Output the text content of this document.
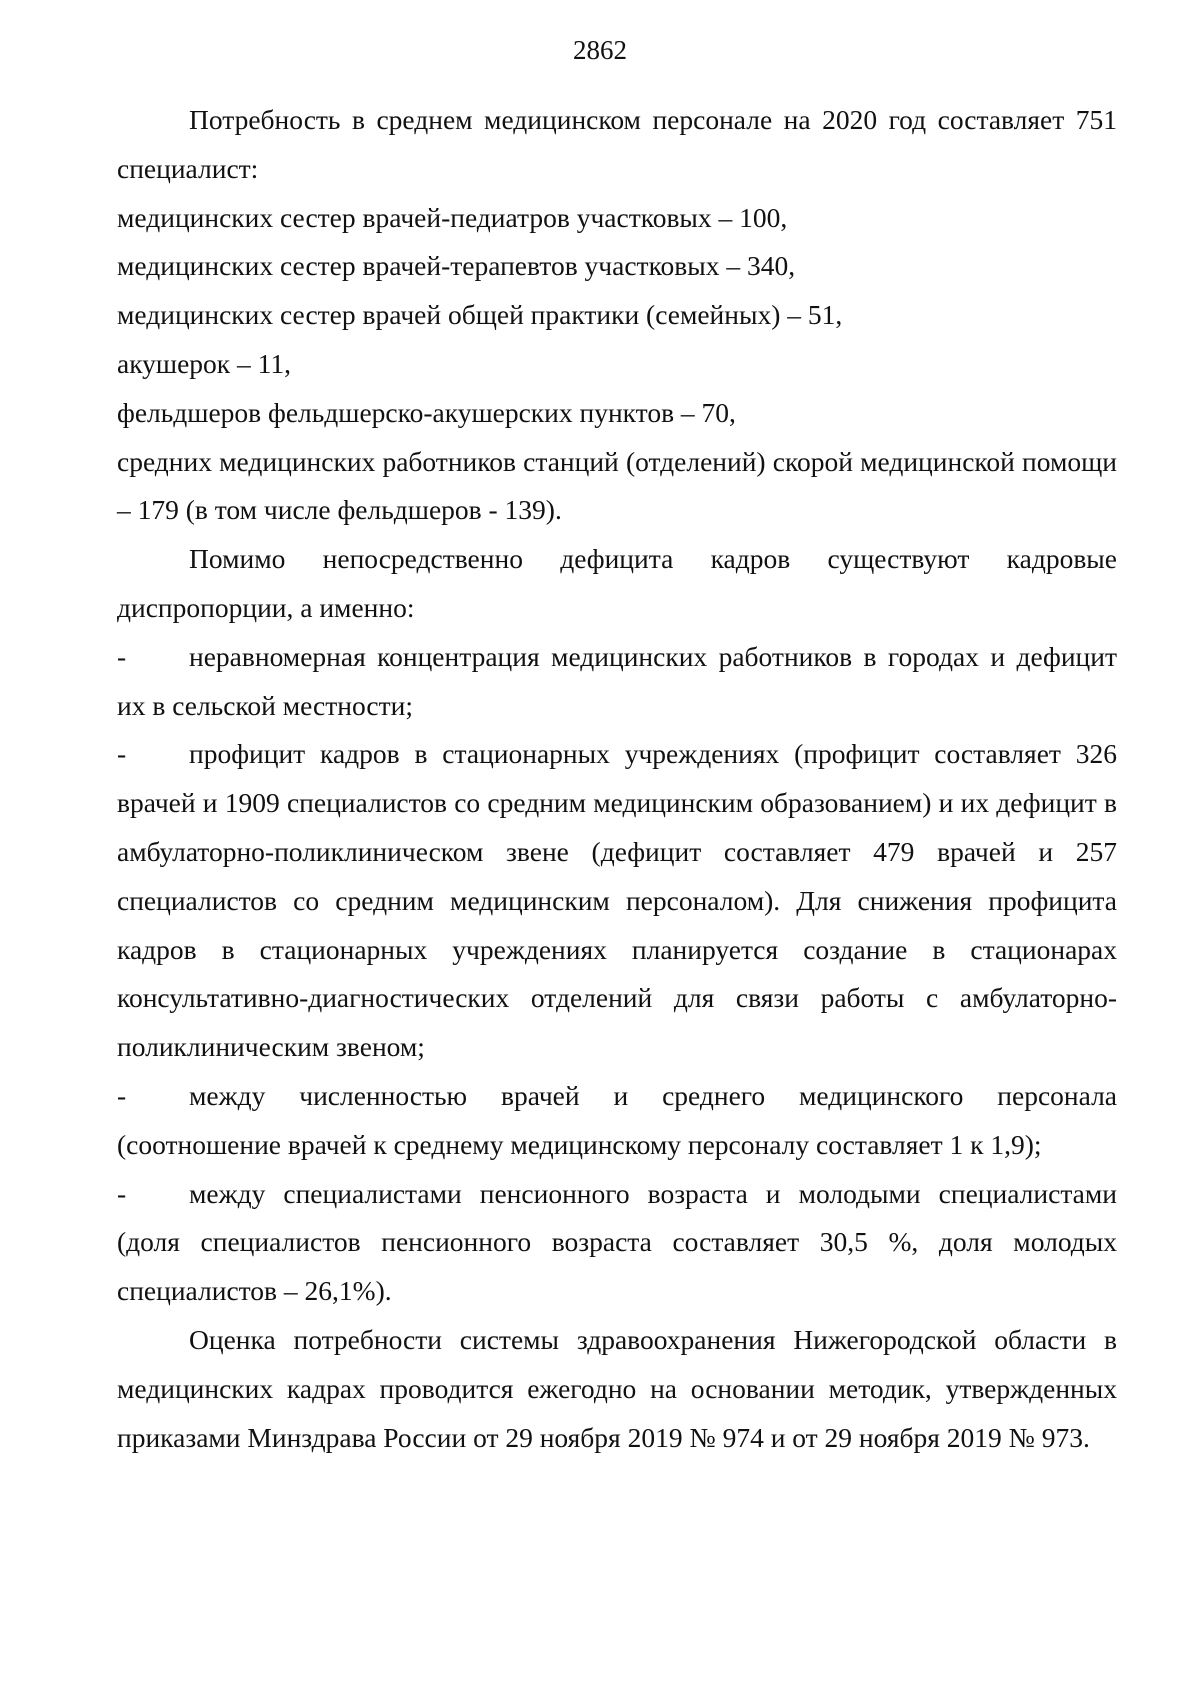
2862

Потребность в среднем медицинском персонале на 2020 год составляет 751 специалист:

медицинских сестер врачей-педиатров участковых – 100,

медицинских сестер врачей-терапевтов участковых – 340,

медицинских сестер врачей общей практики (семейных) – 51,

акушерок – 11,

фельдшеров фельдшерско-акушерских пунктов – 70,

средних медицинских работников станций (отделений) скорой медицинской помощи – 179 (в том числе фельдшеров - 139).

Помимо непосредственно дефицита кадров существуют кадровые диспропорции, а именно:

- неравномерная концентрация медицинских работников в городах и дефицит их в сельской местности;

- профицит кадров в стационарных учреждениях (профицит составляет 326 врачей и 1909 специалистов со средним медицинским образованием) и их дефицит в амбулаторно-поликлиническом звене (дефицит составляет 479 врачей и 257 специалистов со средним медицинским персоналом). Для снижения профицита кадров в стационарных учреждениях планируется создание в стационарах консультативно-диагностических отделений для связи работы с амбулаторно-поликлиническим звеном;

- между численностью врачей и среднего медицинского персонала (соотношение врачей к среднему медицинскому персоналу составляет 1 к 1,9);

- между специалистами пенсионного возраста и молодыми специалистами (доля специалистов пенсионного возраста составляет 30,5 %, доля молодых специалистов – 26,1%).

Оценка потребности системы здравоохранения Нижегородской области в медицинских кадрах проводится ежегодно на основании методик, утвержденных приказами Минздрава России от 29 ноября 2019 № 974 и от 29 ноября 2019 № 973.
